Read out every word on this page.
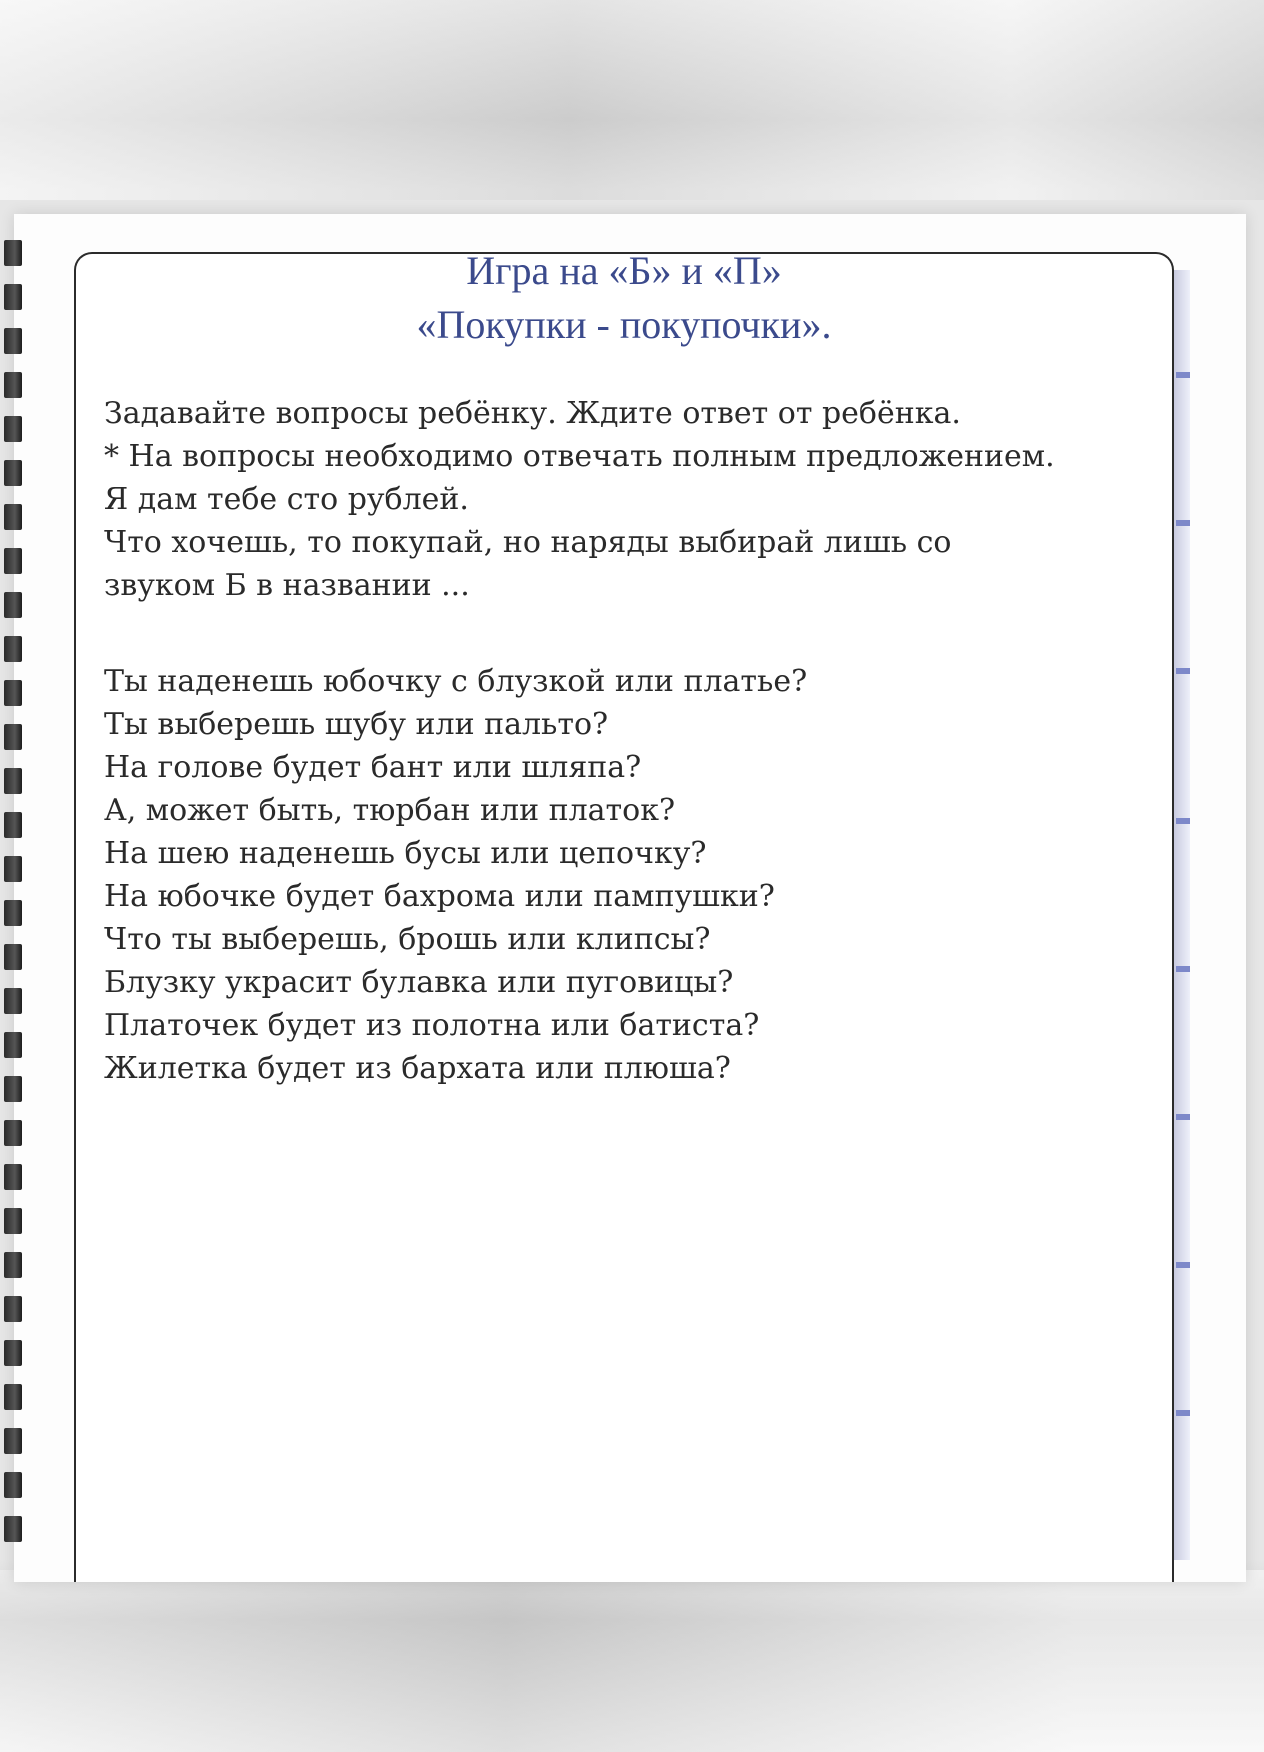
Игра на «Б» и «П»
«Покупки - покупочки».
Задавайте вопросы ребёнку. Ждите ответ от ребёнка.
* На вопросы необходимо отвечать полным предложением.
Я дам тебе сто рублей.
Что хочешь, то покупай, но наряды выбирай лишь со
звуком Б в названии ...
Ты наденешь юбочку с блузкой или платье?
Ты выберешь шубу или пальто?
На голове будет бант или шляпа?
А, может быть, тюрбан или платок?
На шею наденешь бусы или цепочку?
На юбочке будет бахрома или пампушки?
Что ты выберешь, брошь или клипсы?
Блузку украсит булавка или пуговицы?
Платочек будет из полотна или батиста?
Жилетка будет из бархата или плюша?
